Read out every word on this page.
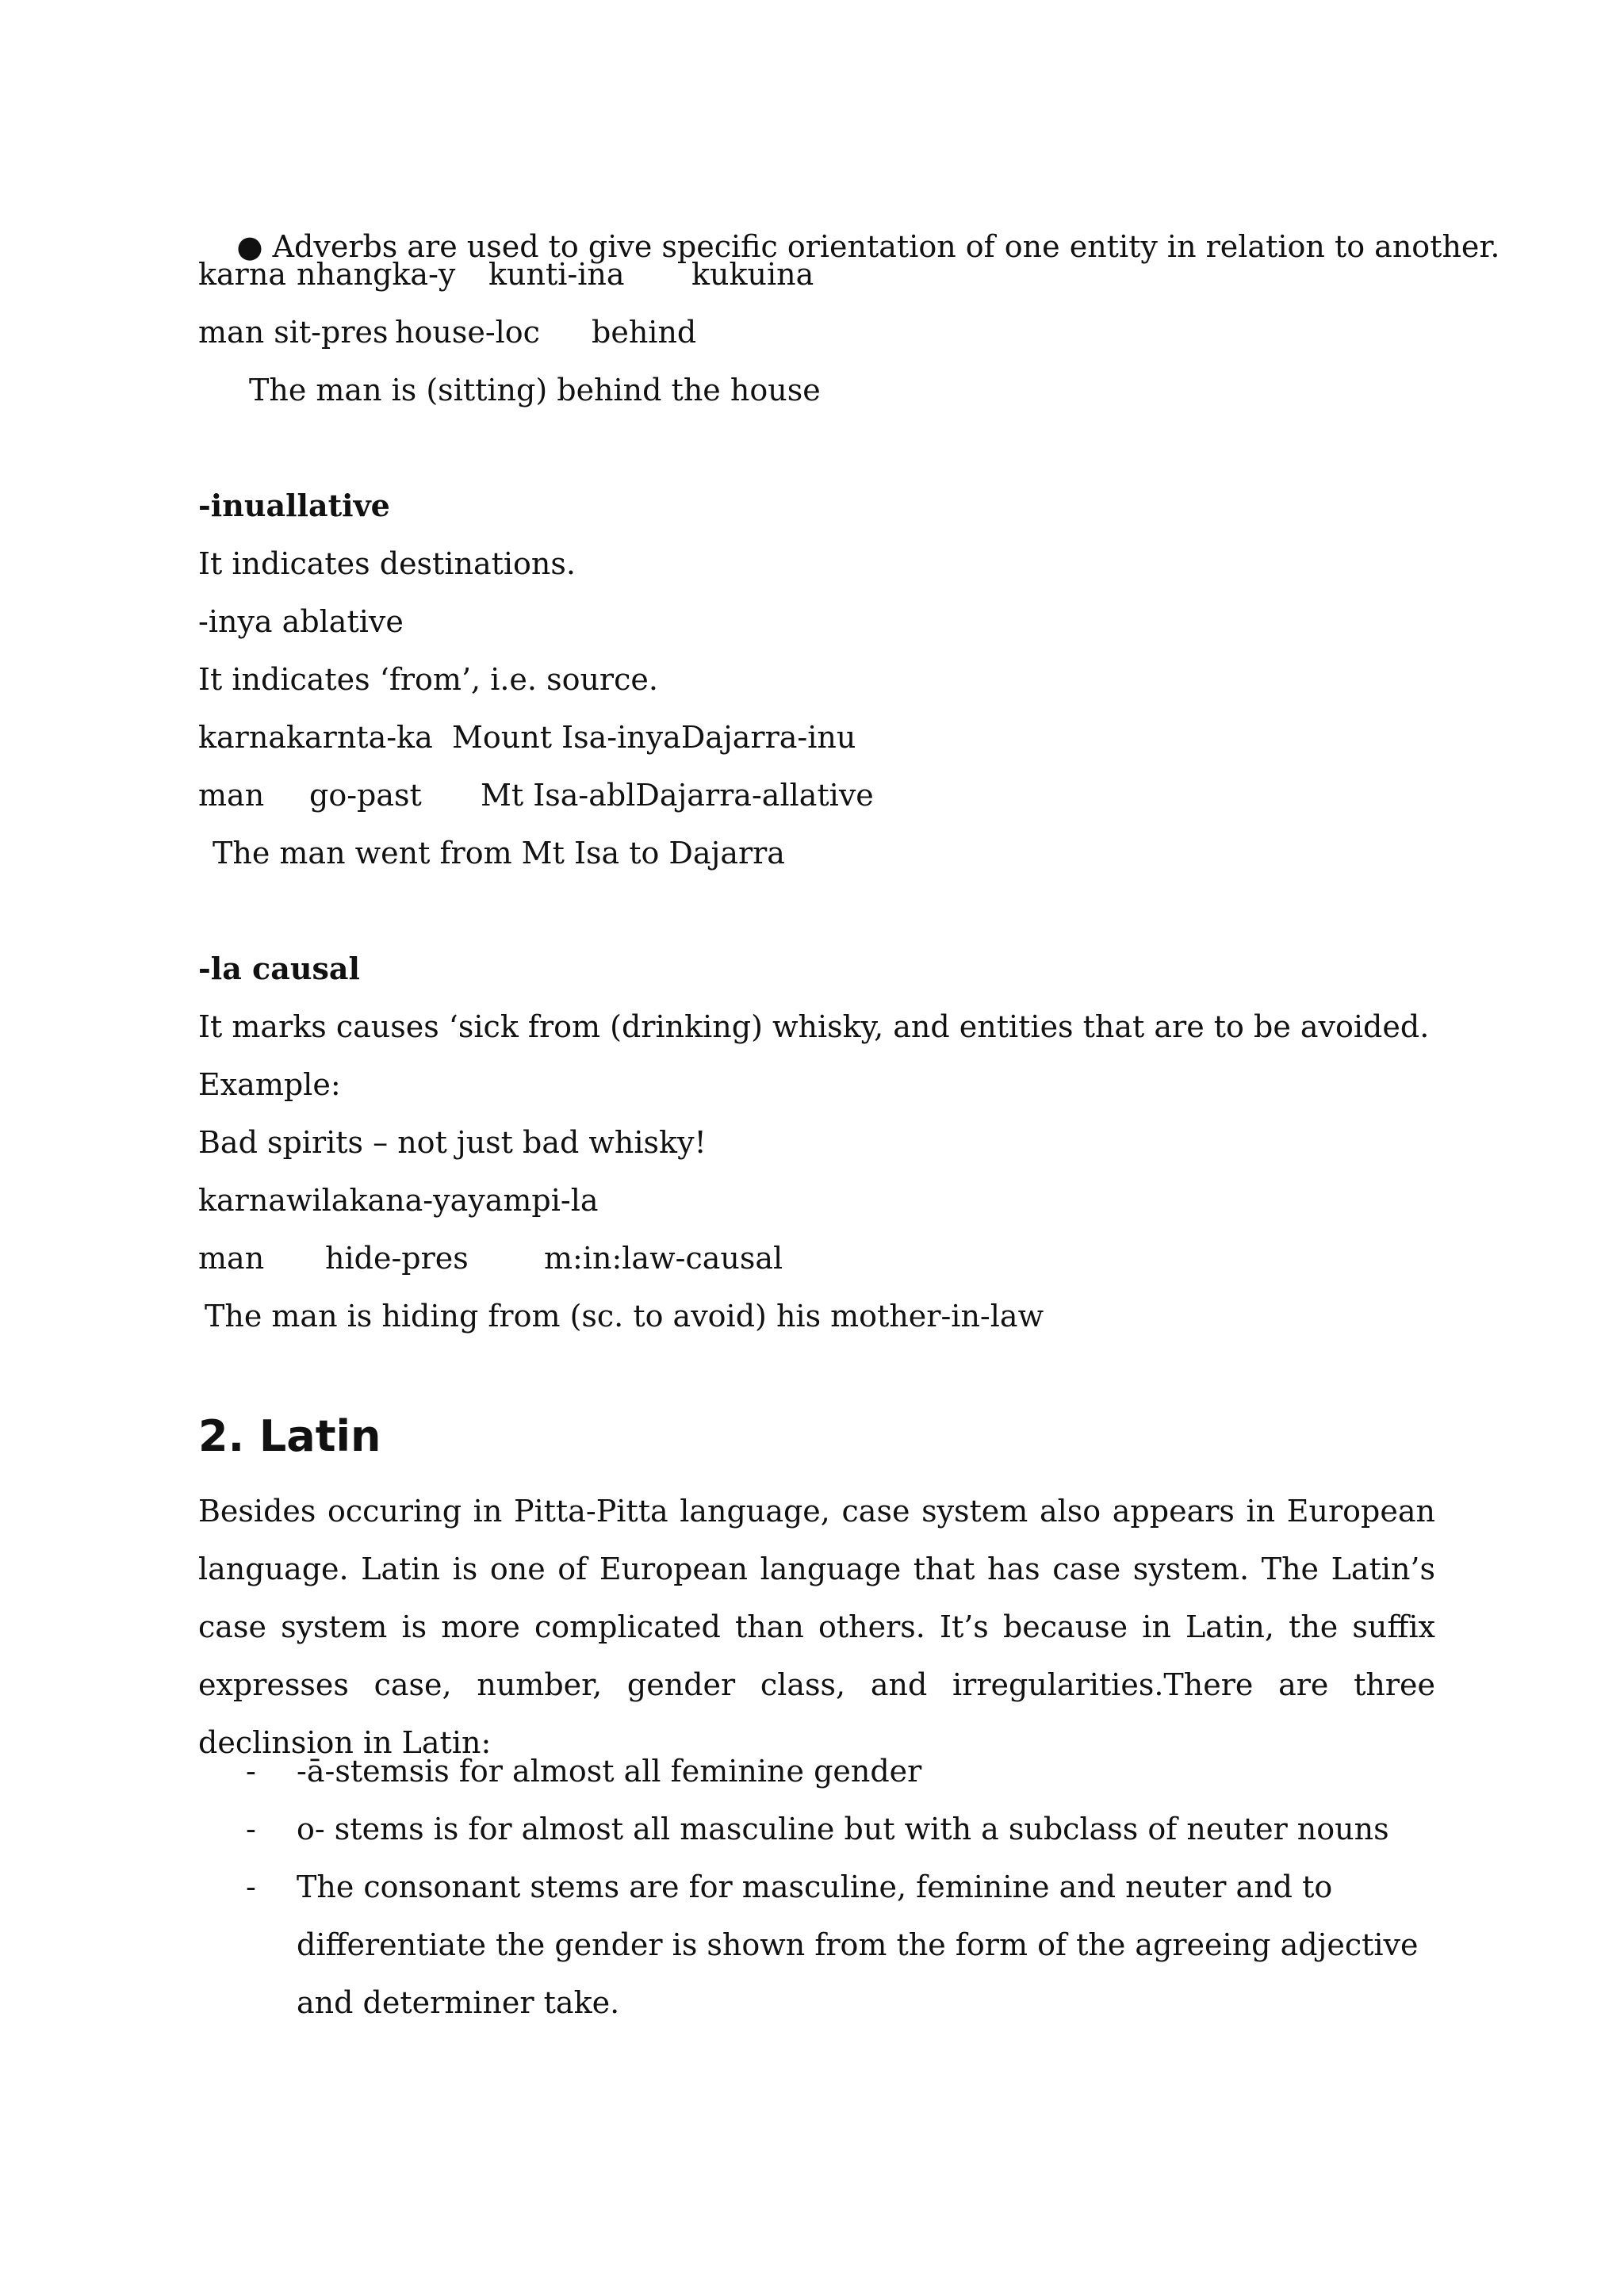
● Adverbs are used to give specific orientation of one entity in relation to another.

karna

nhangka-y

kunti-ina

kukuina

man sit-pres

house-loc

behind

The man is (sitting) behind the house
-inuallative
It indicates destinations.
-inya ablative
It indicates ‘from’, i.e. source.

karnakarnta-ka

Mount Isa-inyaDajarra-inu

man

go-past

Mt Isa-ablDajarra-allative

The man went from Mt Isa to Dajarra
-la causal
It marks causes ‘sick from (drinking) whisky, and entities that are to be avoided.
Example:
Bad spirits – not just bad whisky!

karnawilakana-yayampi-la

man

hide-pres

	m:in:law-causal

The man is hiding from (sc. to avoid) his mother-in-law
2. Latin
Besides occuring in Pitta-Pitta language, case system also appears in European language. Latin is one of European language that has case system. The Latin’s case system is more complicated than others. It’s because in Latin, the suffix expresses case, number, gender class, and irregularities.There are three declinsion in Latin:
- -ā-stemsis for almost all feminine gender
- o- stems is for almost all masculine but with a subclass of neuter nouns
- The consonant stems are for masculine, feminine and neuter and to differentiate the gender is shown from the form of the agreeing adjective and determiner take.
